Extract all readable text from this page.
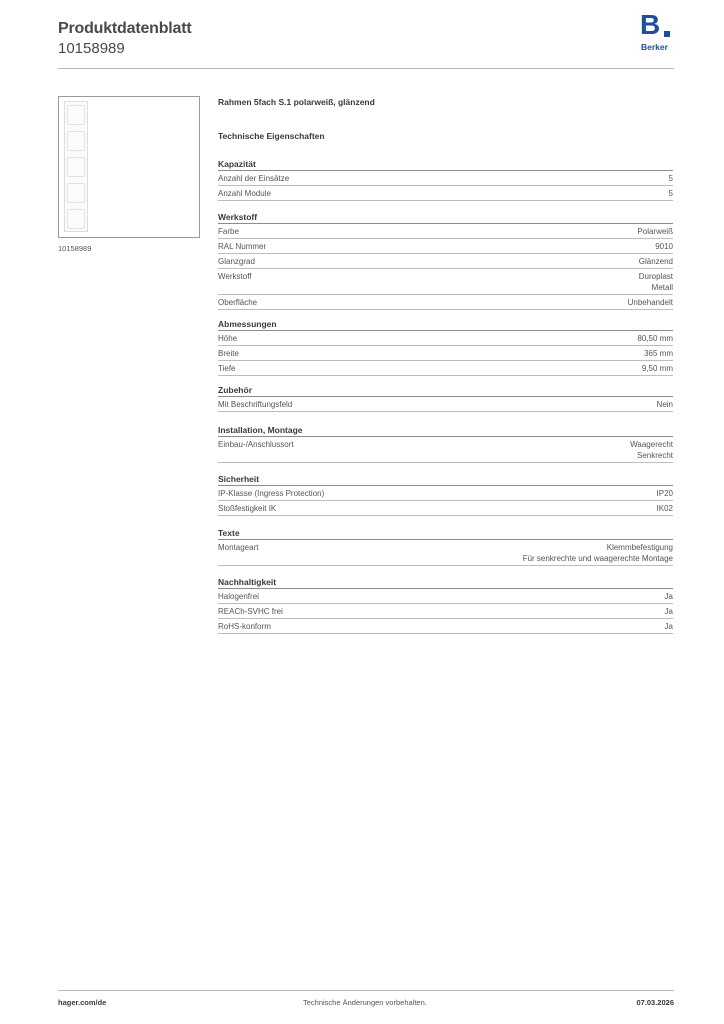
Produktdatenblatt
10158989
B
Berker
10158989
Rahmen 5fach S.1 polarweiß, glänzend
Technische Eigenschaften
Kapazität
Anzahl der Einsätze	5
Anzahl Module	5
Werkstoff
Farbe	Polarweiß
RAL Nummer	9010
Glanzgrad	Glänzend
Werkstoff	Duroplast
Metall
Oberfläche	Unbehandelt
Abmessungen
Höhe	80,50 mm
Breite	365 mm
Tiefe	9,50 mm
Zubehör
Mit Beschriftungsfeld	Nein
Installation, Montage
Einbau-/Anschlussort	Waagerecht
Senkrecht
Sicherheit
IP-Klasse (Ingress Protection)	IP20
Stoßfestigkeit IK	IK02
Texte
Montageart	Klemmbefestigung
Für senkrechte und waagerechte Montage
Nachhaltigkeit
Halogenfrei	Ja
REACh-SVHC frei	Ja
RoHS-konform	Ja
hager.com/de	Technische Änderungen vorbehalten.	07.03.2026
